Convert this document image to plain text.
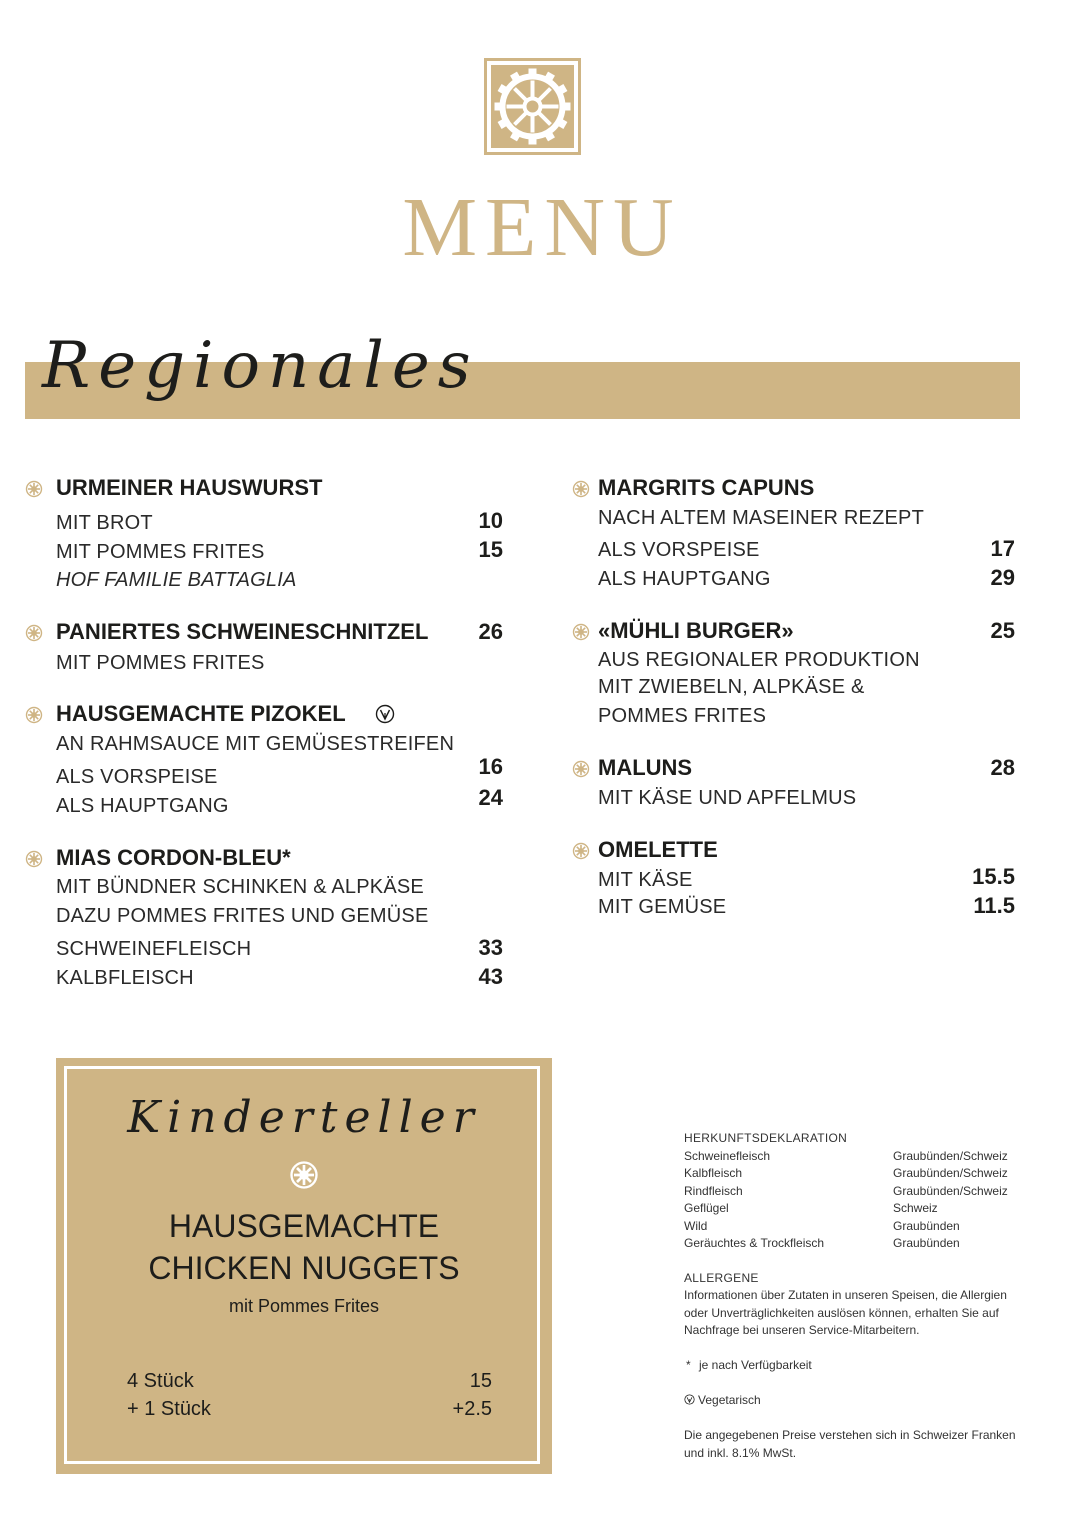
MENU
Regionales
URMEINER HAUSWURST
MIT BROT	10
MIT POMMES FRITES	15
HOF FAMILIE BATTAGLIA
PANIERTES SCHWEINESCHNITZEL	26
MIT POMMES FRITES
HAUSGEMACHTE PIZOKEL
AN RAHMSAUCE MIT GEMÜSESTREIFEN
ALS VORSPEISE	16
ALS HAUPTGANG	24
MIAS CORDON-BLEU*
MIT BÜNDNER SCHINKEN & ALPKÄSE
DAZU POMMES FRITES UND GEMÜSE
SCHWEINEFLEISCH	33
KALBFLEISCH	43
MARGRITS CAPUNS
NACH ALTEM MASEINER REZEPT
ALS VORSPEISE	17
ALS HAUPTGANG	29
«MÜHLI BURGER»	25
AUS REGIONALER PRODUKTION
MIT ZWIEBELN, ALPKÄSE &
POMMES FRITES
MALUNS	28
MIT KÄSE UND APFELMUS
OMELETTE
MIT KÄSE	15.5
MIT GEMÜSE	11.5
Kinderteller
HAUSGEMACHTE
CHICKEN NUGGETS
mit Pommes Frites
4 Stück	15
+ 1 Stück	+2.5
HERKUNFTSDEKLARATION
Schweinefleisch	Graubünden/Schweiz
Kalbfleisch	Graubünden/Schweiz
Rindfleisch	Graubünden/Schweiz
Geflügel	Schweiz
Wild	Graubünden
Geräuchtes & Trockfleisch	Graubünden
ALLERGENE
Informationen über Zutaten in unseren Speisen, die Allergien
oder Unverträglichkeiten auslösen können, erhalten Sie auf
Nachfrage bei unseren Service-Mitarbeitern.
* je nach Verfügbarkeit
Vegetarisch
Die angegebenen Preise verstehen sich in Schweizer Franken
und inkl. 8.1% MwSt.
